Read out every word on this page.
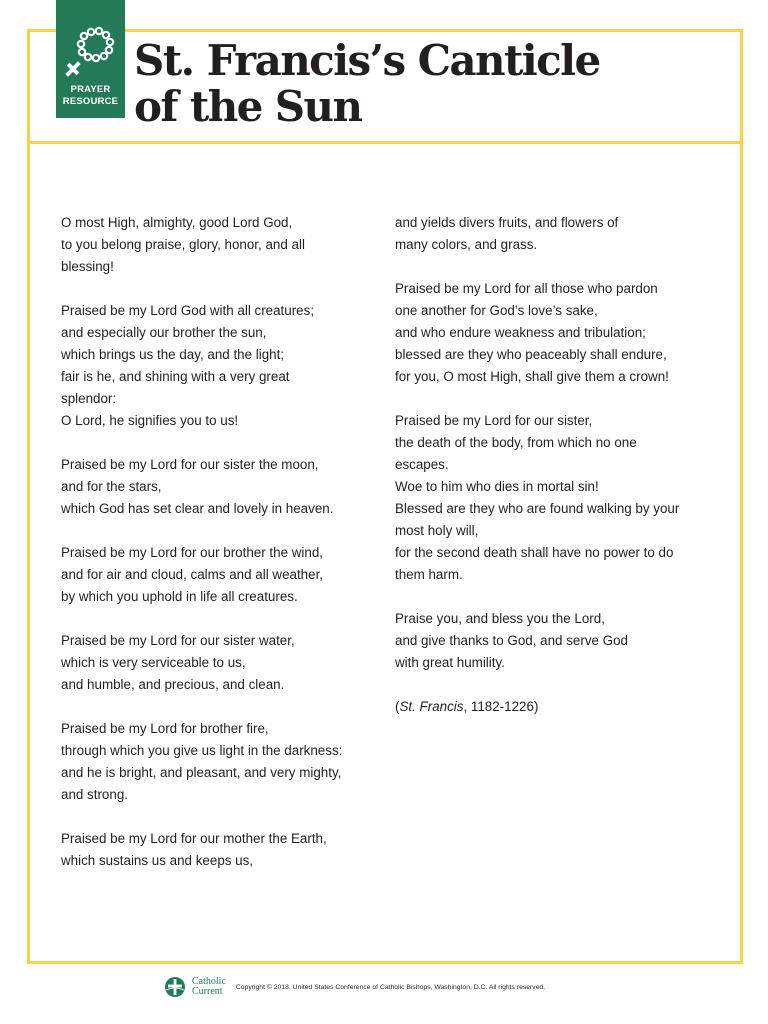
PRAYER
RESOURCE
St. Francis’s Canticle
of the Sun

O most High, almighty, good Lord God,
to you belong praise, glory, honor, and all
blessing!

Praised be my Lord God with all creatures;
and especially our brother the sun,
which brings us the day, and the light;
fair is he, and shining with a very great
splendor:
O Lord, he signifies you to us!

Praised be my Lord for our sister the moon,
and for the stars,
which God has set clear and lovely in heaven.

Praised be my Lord for our brother the wind,
and for air and cloud, calms and all weather,
by which you uphold in life all creatures.

Praised be my Lord for our sister water,
which is very serviceable to us,
and humble, and precious, and clean.

Praised be my Lord for brother fire,
through which you give us light in the darkness:
and he is bright, and pleasant, and very mighty,
and strong.

Praised be my Lord for our mother the Earth,
which sustains us and keeps us,

and yields divers fruits, and flowers of
many colors, and grass.

Praised be my Lord for all those who pardon
one another for God’s love’s sake,
and who endure weakness and tribulation;
blessed are they who peaceably shall endure,
for you, O most High, shall give them a crown!

Praised be my Lord for our sister,
the death of the body, from which no one
escapes.
Woe to him who dies in mortal sin!
Blessed are they who are found walking by your
most holy will,
for the second death shall have no power to do
them harm.

Praise you, and bless you the Lord,
and give thanks to God, and serve God
with great humility.

(St. Francis, 1182-1226)

Catholic
Current	Copyright © 2018, United States Conference of Catholic Bishops, Washington, D.C. All rights reserved.
